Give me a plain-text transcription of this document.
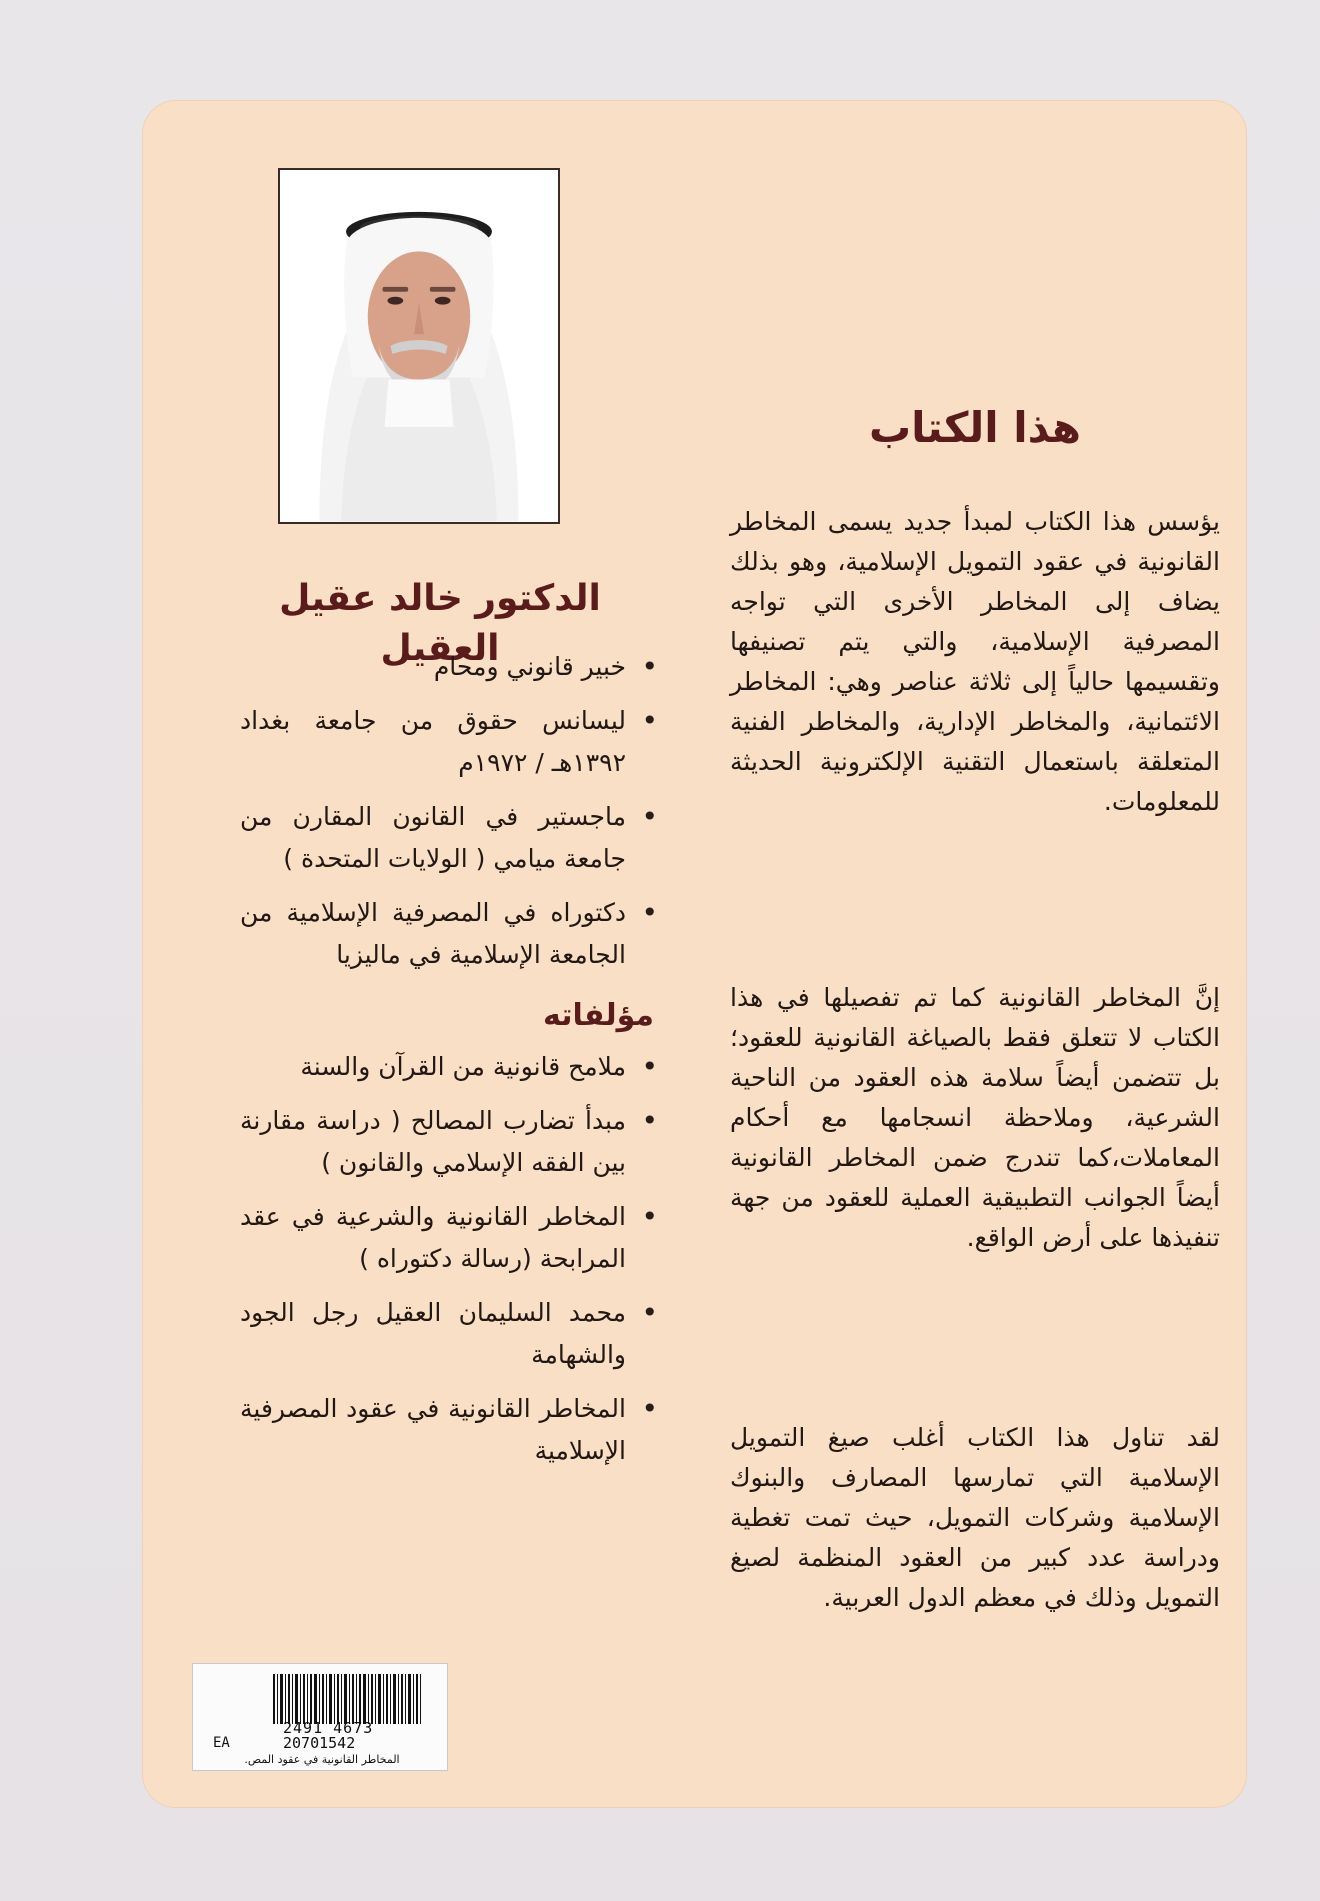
هذا الكتاب

يؤسس هذا الكتاب لمبدأ جديد يسمى المخاطر القانونية في عقود التمويل الإسلامية، وهو بذلك يضاف إلى المخاطر الأخرى التي تواجه المصرفية الإسلامية، والتي يتم تصنيفها وتقسيمها حالياً إلى ثلاثة عناصر وهي: المخاطر الائتمانية، والمخاطر الإدارية، والمخاطر الفنية المتعلقة باستعمال التقنية الإلكترونية الحديثة للمعلومات.

إنَّ المخاطر القانونية كما تم تفصيلها في هذا الكتاب لا تتعلق فقط بالصياغة القانونية للعقود؛ بل تتضمن أيضاً سلامة هذه العقود من الناحية الشرعية، وملاحظة انسجامها مع أحكام المعاملات،كما تندرج ضمن المخاطر القانونية أيضاً الجوانب التطبيقية العملية للعقود من جهة تنفيذها على أرض الواقع.

لقد تناول هذا الكتاب أغلب صيغ التمويل الإسلامية التي تمارسها المصارف والبنوك الإسلامية وشركات التمويل، حيث تمت تغطية ودراسة عدد كبير من العقود المنظمة لصيغ التمويل وذلك في معظم الدول العربية.

الدكتور خالد عقيل العقيل
• خبير قانوني ومحام
• ليسانس حقوق من جامعة بغداد ١٣٩٢هـ / ١٩٧٢م
• ماجستير في القانون المقارن من جامعة ميامي ( الولايات المتحدة )
• دكتوراه في المصرفية الإسلامية من الجامعة الإسلامية في ماليزيا
مؤلفاته
• ملامح قانونية من القرآن والسنة
• مبدأ تضارب المصالح ( دراسة مقارنة بين الفقه الإسلامي والقانون )
• المخاطر القانونية والشرعية في عقد المرابحة (رسالة دكتوراه )
• محمد السليمان العقيل رجل الجود والشهامة
• المخاطر القانونية في عقود المصرفية الإسلامية
2491 4673
EA	20701542
المخاطر القانونية في عقود المص.
